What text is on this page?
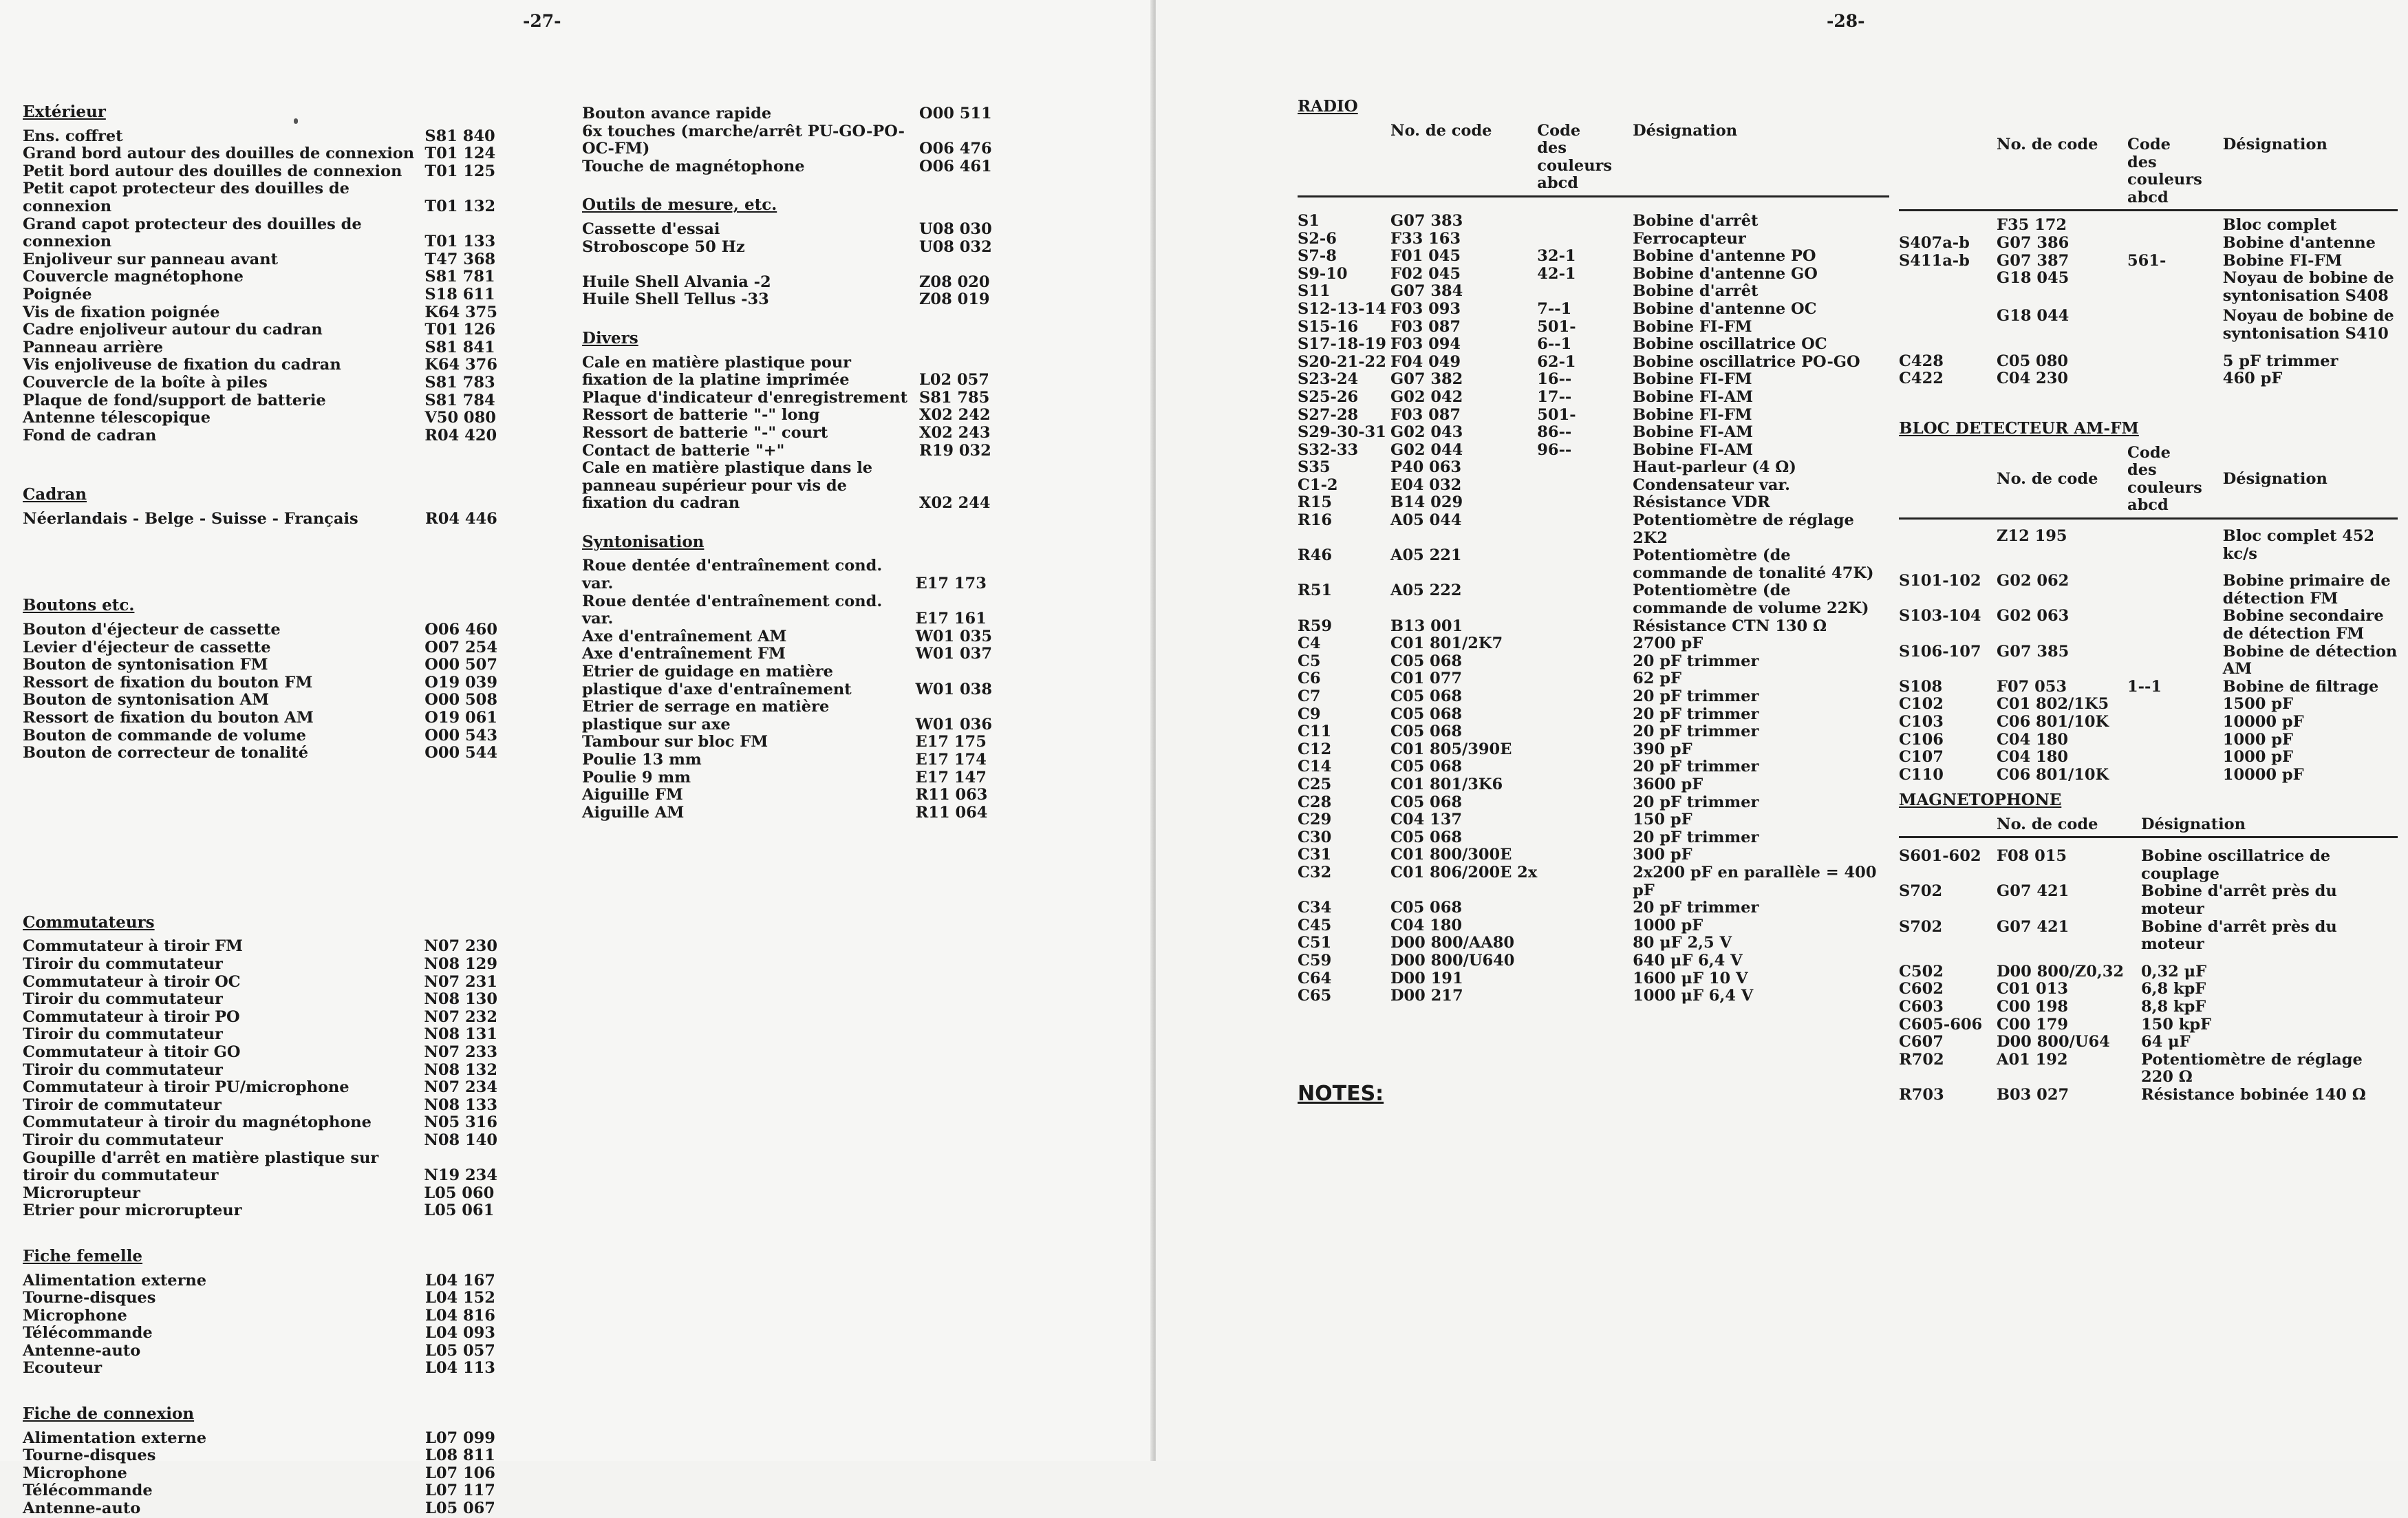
-27-
Extérieur
Ens. coffret	S81 840
Grand bord autour des douilles de connexion	T01 124
Petit bord autour des douilles de connexion	T01 125
Petit capot protecteur des douilles de connexion	T01 132
Grand capot protecteur des douilles de connexion	T01 133
Enjoliveur sur panneau avant	T47 368
Couvercle magnétophone	S81 781
Poignée	S18 611
Vis de fixation poignée	K64 375
Cadre enjoliveur autour du cadran	T01 126
Panneau arrière	S81 841
Vis enjoliveuse de fixation du cadran	K64 376
Couvercle de la boîte à piles	S81 783
Plaque de fond/support de batterie	S81 784
Antenne télescopique	V50 080
Fond de cadran	R04 420
Cadran
Néerlandais - Belge - Suisse - Français	R04 446
Boutons etc.
Bouton d'éjecteur de cassette	O06 460
Levier d'éjecteur de cassette	O07 254
Bouton de syntonisation FM	O00 507
Ressort de fixation du bouton FM	O19 039
Bouton de syntonisation AM	O00 508
Ressort de fixation du bouton AM	O19 061
Bouton de commande de volume	O00 543
Bouton de correcteur de tonalité	O00 544
Commutateurs
Commutateur à tiroir FM	N07 230
Tiroir du commutateur	N08 129
Commutateur à tiroir OC	N07 231
Tiroir du commutateur	N08 130
Commutateur à tiroir PO	N07 232
Tiroir du commutateur	N08 131
Commutateur à titoir GO	N07 233
Tiroir du commutateur	N08 132
Commutateur à tiroir PU/microphone	N07 234
Tiroir de commutateur	N08 133
Commutateur à tiroir du magnétophone	N05 316
Tiroir du commutateur	N08 140
Goupille d'arrêt en matière plastique sur tiroir du commutateur	N19 234
Microrupteur	L05 060
Etrier pour microrupteur	L05 061
Fiche femelle
Alimentation externe	L04 167
Tourne-disques	L04 152
Microphone	L04 816
Télécommande	L04 093
Antenne-auto	L05 057
Ecouteur	L04 113
Fiche de connexion
Alimentation externe	L07 099
Tourne-disques	L08 811
Microphone	L07 106
Télécommande	L07 117
Antenne-auto	L05 067
Bouton avance rapide	O00 511
6x touches (marche/arrêt PU-GO-PO-OC-FM)	O06 476
Touche de magnétophone	O06 461
Outils de mesure, etc.
Cassette d'essai	U08 030
Stroboscope 50 Hz	U08 032

Huile Shell Alvania -2	Z08 020
Huile Shell Tellus -33	Z08 019
Divers
Cale en matière plastique pour fixation de la platine imprimée	L02 057
Plaque d'indicateur d'enregistrement	S81 785
Ressort de batterie "-" long	X02 242
Ressort de batterie "-" court	X02 243
Contact de batterie "+"	R19 032
Cale en matière plastique dans le panneau supérieur pour vis de fixation du cadran	X02 244
Syntonisation
Roue dentée d'entraînement cond. var.	E17 173
Roue dentée d'entraînement cond. var.	E17 161
Axe d'entraînement AM	W01 035
Axe d'entraînement FM	W01 037
Etrier de guidage en matière plastique d'axe d'entraînement	W01 038
Etrier de serrage en matière plastique sur axe	W01 036
Tambour sur bloc FM	E17 175
Poulie 13 mm	E17 174
Poulie 9 mm	E17 147
Aiguille FM	R11 063
Aiguille AM	R11 064
-28-
RADIO
	No. de code	Code des couleurs abcd	Désignation

S1	G07 383		Bobine d'arrêt
S2-6	F33 163		Ferrocapteur
S7-8	F01 045	32-1	Bobine d'antenne PO
S9-10	F02 045	42-1	Bobine d'antenne GO
S11	G07 384		Bobine d'arrêt
S12-13-14	F03 093	7--1	Bobine d'antenne OC
S15-16	F03 087	501-	Bobine FI-FM
S17-18-19	F03 094	6--1	Bobine oscillatrice OC
S20-21-22	F04 049	62-1	Bobine oscillatrice PO-GO
S23-24	G07 382	16--	Bobine FI-FM
S25-26	G02 042	17--	Bobine FI-AM
S27-28	F03 087	501-	Bobine FI-FM
S29-30-31	G02 043	86--	Bobine FI-AM
S32-33	G02 044	96--	Bobine FI-AM
S35	P40 063		Haut-parleur (4 Ω)
C1-2	E04 032		Condensateur var.
R15	B14 029		Résistance VDR
R16	A05 044		Potentiomètre de réglage 2K2
R46	A05 221		Potentiomètre (de commande de tonalité 47K)
R51	A05 222		Potentiomètre (de commande de volume 22K)
R59	B13 001		Résistance CTN 130 Ω
C4	C01 801/2K7		2700 pF
C5	C05 068		20 pF trimmer
C6	C01 077		62 pF
C7	C05 068		20 pF trimmer
C9	C05 068		20 pF trimmer
C11	C05 068		20 pF trimmer
C12	C01 805/390E		390 pF
C14	C05 068		20 pF trimmer
C25	C01 801/3K6		3600 pF
C28	C05 068		20 pF trimmer
C29	C04 137		150 pF
C30	C05 068		20 pF trimmer
C31	C01 800/300E		300 pF
C32	C01 806/200E 2x		2x200 pF en parallèle = 400 pF
C34	C05 068		20 pF trimmer
C45	C04 180		1000 pF
C51	D00 800/AA80		80 μF 2,5 V
C59	D00 800/U640		640 μF 6,4 V
C64	D00 191		1600 μF 10 V
C65	D00 217		1000 μF 6,4 V
NOTES:
	No. de code	Code des couleurs abcd	Désignation

	F35 172		Bloc complet
S407a-b	G07 386		Bobine d'antenne
S411a-b	G07 387	561-	Bobine FI-FM
	G18 045		Noyau de bobine de syntonisation S408
	G18 044		Noyau de bobine de syntonisation S410
C428	C05 080		5 pF trimmer
C422	C04 230		460 pF
BLOC DETECTEUR AM-FM
	No. de code	Code des couleurs abcd	Désignation

	Z12 195		Bloc complet 452 kc/s
S101-102	G02 062		Bobine primaire de détection FM
S103-104	G02 063		Bobine secondaire de détection FM
S106-107	G07 385		Bobine de détection AM
S108	F07 053	1--1	Bobine de filtrage
C102	C01 802/1K5		1500 pF
C103	C06 801/10K		10000 pF
C106	C04 180		1000 pF
C107	C04 180		1000 pF
C110	C06 801/10K		10000 pF
MAGNETOPHONE
	No. de code	Désignation

S601-602	F08 015	Bobine oscillatrice de couplage
S702	G07 421	Bobine d'arrêt près du moteur
S702	G07 421	Bobine d'arrêt près du moteur
C502	D00 800/Z0,32	0,32 μF
C602	C01 013	6,8 kpF
C603	C00 198	8,8 kpF
C605-606	C00 179	150 kpF
C607	D00 800/U64	64 μF
R702	A01 192	Potentiomètre de réglage 220 Ω
R703	B03 027	Résistance bobinée 140 Ω
